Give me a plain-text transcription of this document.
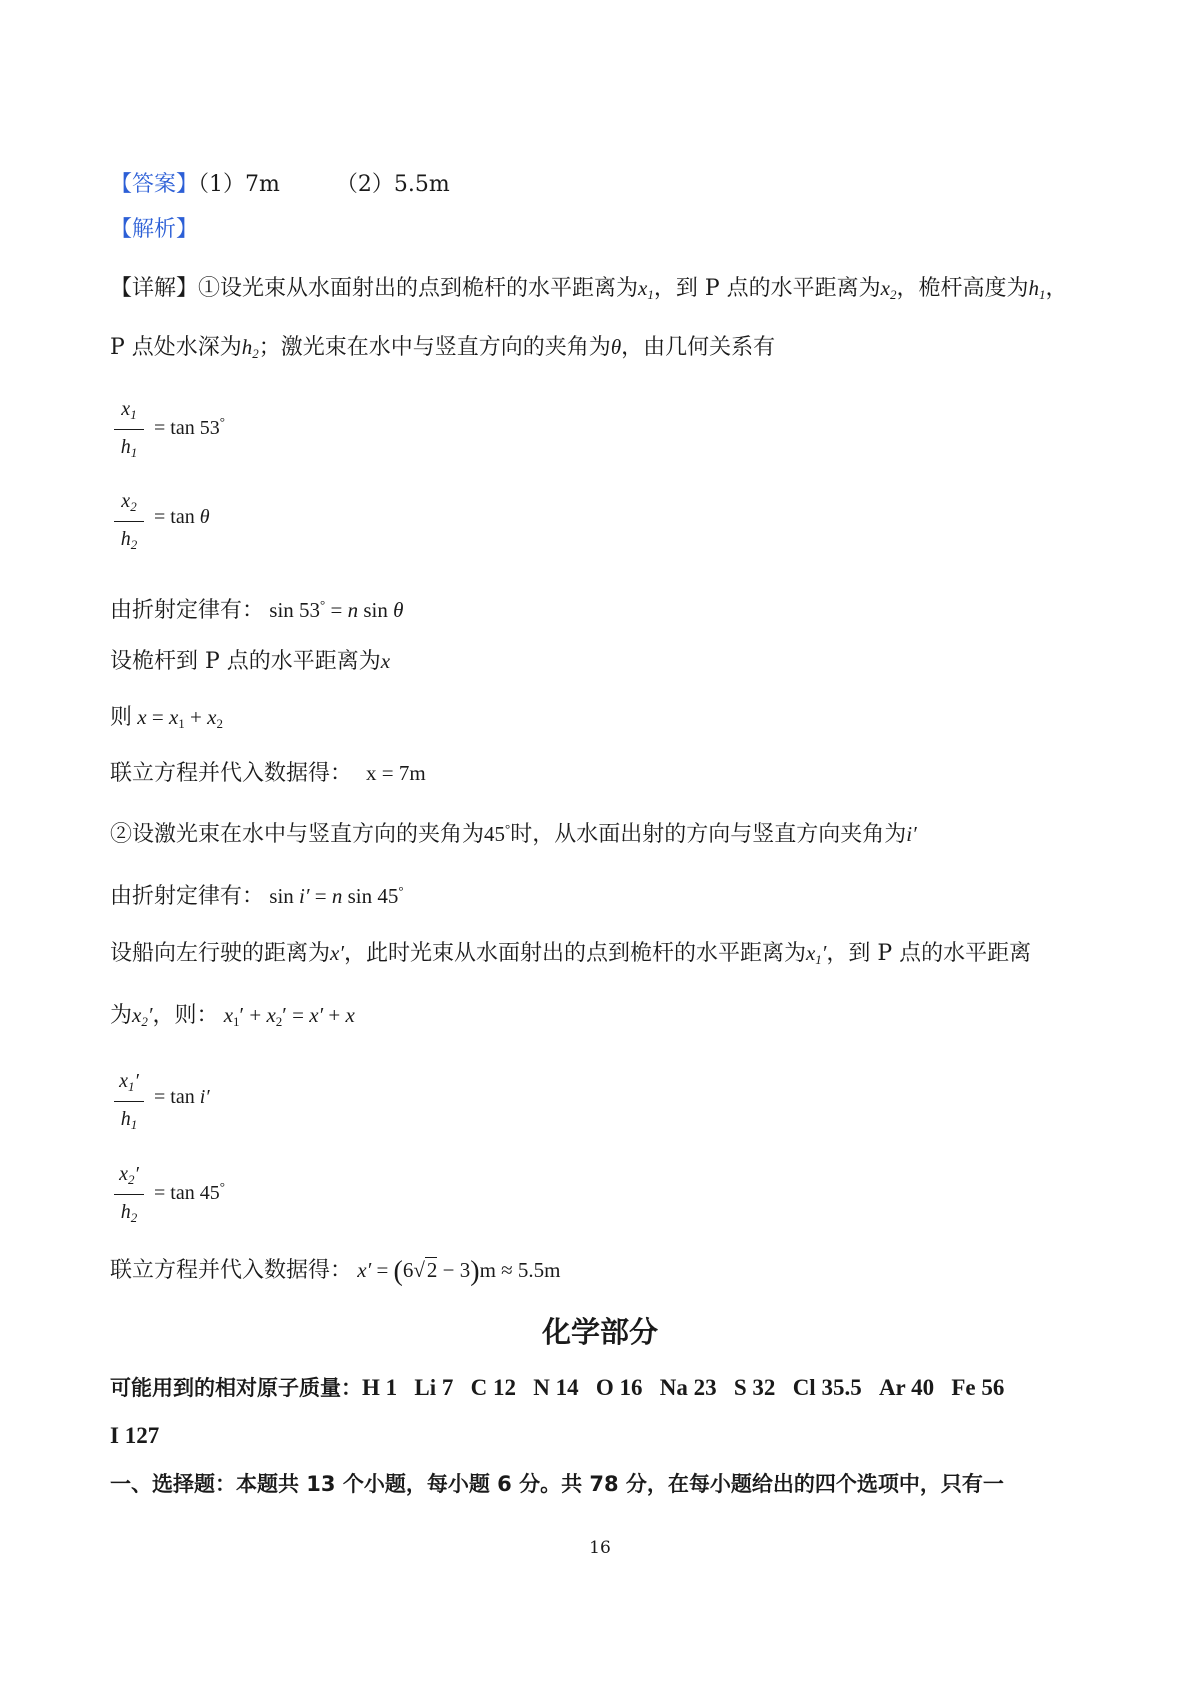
【答案】（1）7m	（2）5.5m
【解析】
【详解】①设光束从水面射出的点到桅杆的水平距离为$x_1$，到 P 点的水平距离为$x_2$，桅杆高度为$h_1$，
P 点处水深为$h_2$；激光束在水中与竖直方向的夹角为θ，由几何关系有
$x_1$
$h_1$
= tan 53°
$x_2$
$h_2$
= tan θ
由折射定律有： sin 53° = n sin θ
设桅杆到 P 点的水平距离为x
则 $x = x_1 + x_2$
联立方程并代入数据得： x = 7m
②设激光束在水中与竖直方向的夹角为45°时，从水面出射的方向与竖直方向夹角为i′
由折射定律有： sin i′ = n sin 45°
设船向左行驶的距离为x′，此时光束从水面射出的点到桅杆的水平距离为$x_1'$，到 P 点的水平距离
为$x_2'$，则： $x_1' + x_2' = x' + x$
$x_1'$
$h_1$
= tan i′
$x_2'$
$h_2$
= tan 45°
联立方程并代入数据得： x′ = (6√2 − 3)m ≈ 5.5m
化学部分
可能用到的相对原子质量：H 1 Li 7 C 12 N 14 O 16 Na 23 S 32 Cl 35.5 Ar 40 Fe 56
I 127
一、选择题：本题共 13 个小题，每小题 6 分。共 78 分，在每小题给出的四个选项中，只有一
16
